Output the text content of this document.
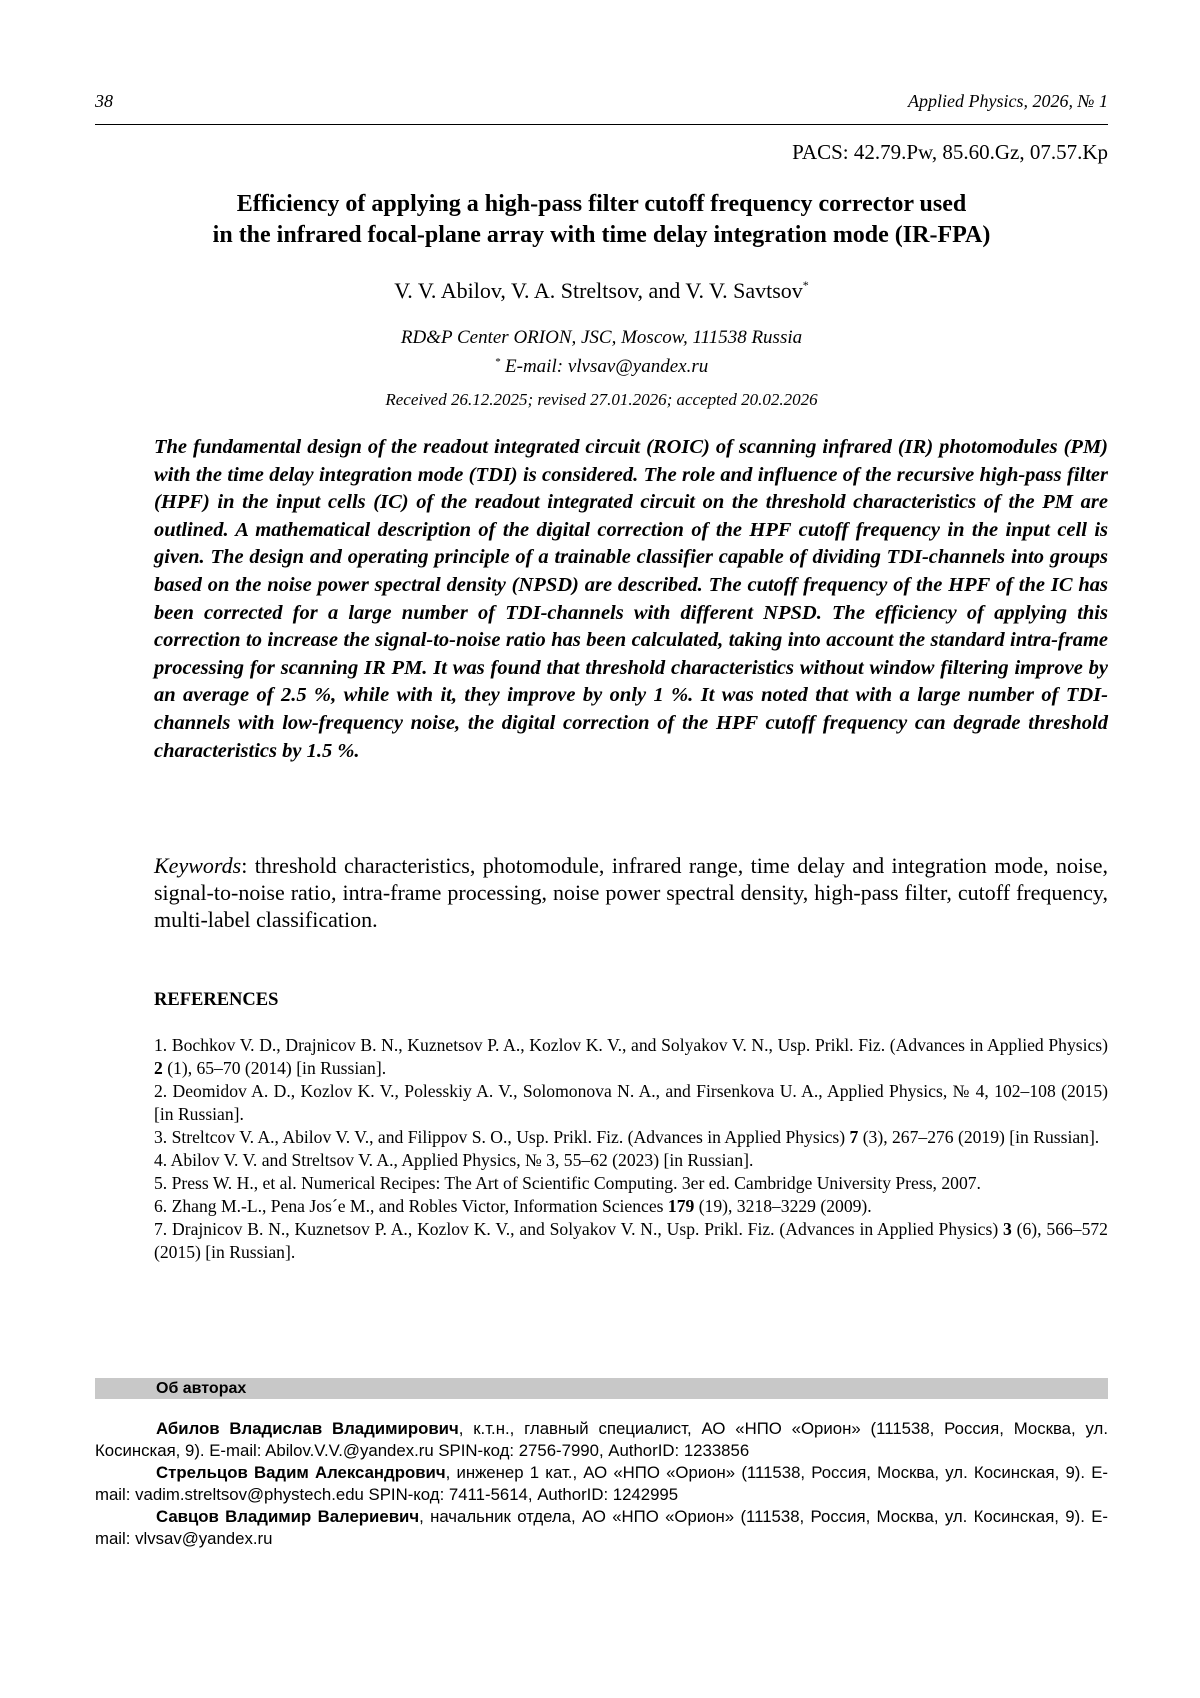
38	Applied Physics, 2026, № 1
PACS: 42.79.Pw, 85.60.Gz, 07.57.Kp
Efficiency of applying a high-pass filter cutoff frequency corrector used
in the infrared focal-plane array with time delay integration mode (IR-FPA)
V. V. Abilov, V. A. Streltsov, and V. V. Savtsov*
RD&P Center ORION, JSC, Moscow, 111538 Russia
* E-mail: vlvsav@yandex.ru
Received 26.12.2025; revised 27.01.2026; accepted 20.02.2026

The fundamental design of the readout integrated circuit (ROIC) of scanning infrared (IR) photomodules (PM) with the time delay integration mode (TDI) is considered. The role and influence of the recursive high-pass filter (HPF) in the input cells (IC) of the readout integrated circuit on the threshold characteristics of the PM are outlined. A mathematical description of the digital correction of the HPF cutoff frequency in the input cell is given. The design and operating principle of a trainable classifier capable of dividing TDI-channels into groups based on the noise power spectral density (NPSD) are described. The cutoff frequency of the HPF of the IC has been corrected for a large number of TDI-channels with different NPSD. The efficiency of applying this correction to increase the signal-to-noise ratio has been calculated, taking into account the standard intra-frame processing for scanning IR PM. It was found that threshold characteristics without window filtering improve by an average of 2.5 %, while with it, they improve by only 1 %. It was noted that with a large number of TDI-channels with low-frequency noise, the digital correction of the HPF cutoff frequency can degrade threshold characteristics by 1.5 %.

Keywords: threshold characteristics, photomodule, infrared range, time delay and integration mode, noise, signal-to-noise ratio, intra-frame processing, noise power spectral density, high-pass filter, cutoff frequency, multi-label classification.

REFERENCES
1. Bochkov V. D., Drajnicov B. N., Kuznetsov P. A., Kozlov K. V., and Solyakov V. N., Usp. Prikl. Fiz. (Advances in Applied Physics) 2 (1), 65–70 (2014) [in Russian].
2. Deomidov A. D., Kozlov K. V., Polesskiy A. V., Solomonova N. A., and Firsenkova U. A., Applied Physics, № 4, 102–108 (2015) [in Russian].
3. Streltcov V. A., Abilov V. V., and Filippov S. O., Usp. Prikl. Fiz. (Advances in Applied Physics) 7 (3), 267–276 (2019) [in Russian].
4. Abilov V. V. and Streltsov V. A., Applied Physics, № 3, 55–62 (2023) [in Russian].
5. Press W. H., et al. Numerical Recipes: The Art of Scientific Computing. 3er ed. Cambridge University Press, 2007.
6. Zhang M.-L., Pena Jos´e M., and Robles Victor, Information Sciences 179 (19), 3218–3229 (2009).
7. Drajnicov B. N., Kuznetsov P. A., Kozlov K. V., and Solyakov V. N., Usp. Prikl. Fiz. (Advances in Applied Physics) 3 (6), 566–572 (2015) [in Russian].
Об авторах

Абилов Владислав Владимирович, к.т.н., главный специалист, АО «НПО «Орион» (111538, Россия, Москва, ул. Косинская, 9). E-mail: Abilov.V.V.@yandex.ru SPIN-код: 2756-7990, AuthorID: 1233856

Стрельцов Вадим Александрович, инженер 1 кат., АО «НПО «Орион» (111538, Россия, Москва, ул. Косинская, 9). E-mail: vadim.streltsov@phystech.edu SPIN-код: 7411-5614, AuthorID: 1242995

Савцов Владимир Валериевич, начальник отдела, АО «НПО «Орион» (111538, Россия, Москва, ул. Косинская, 9). E-mail: vlvsav@yandex.ru
